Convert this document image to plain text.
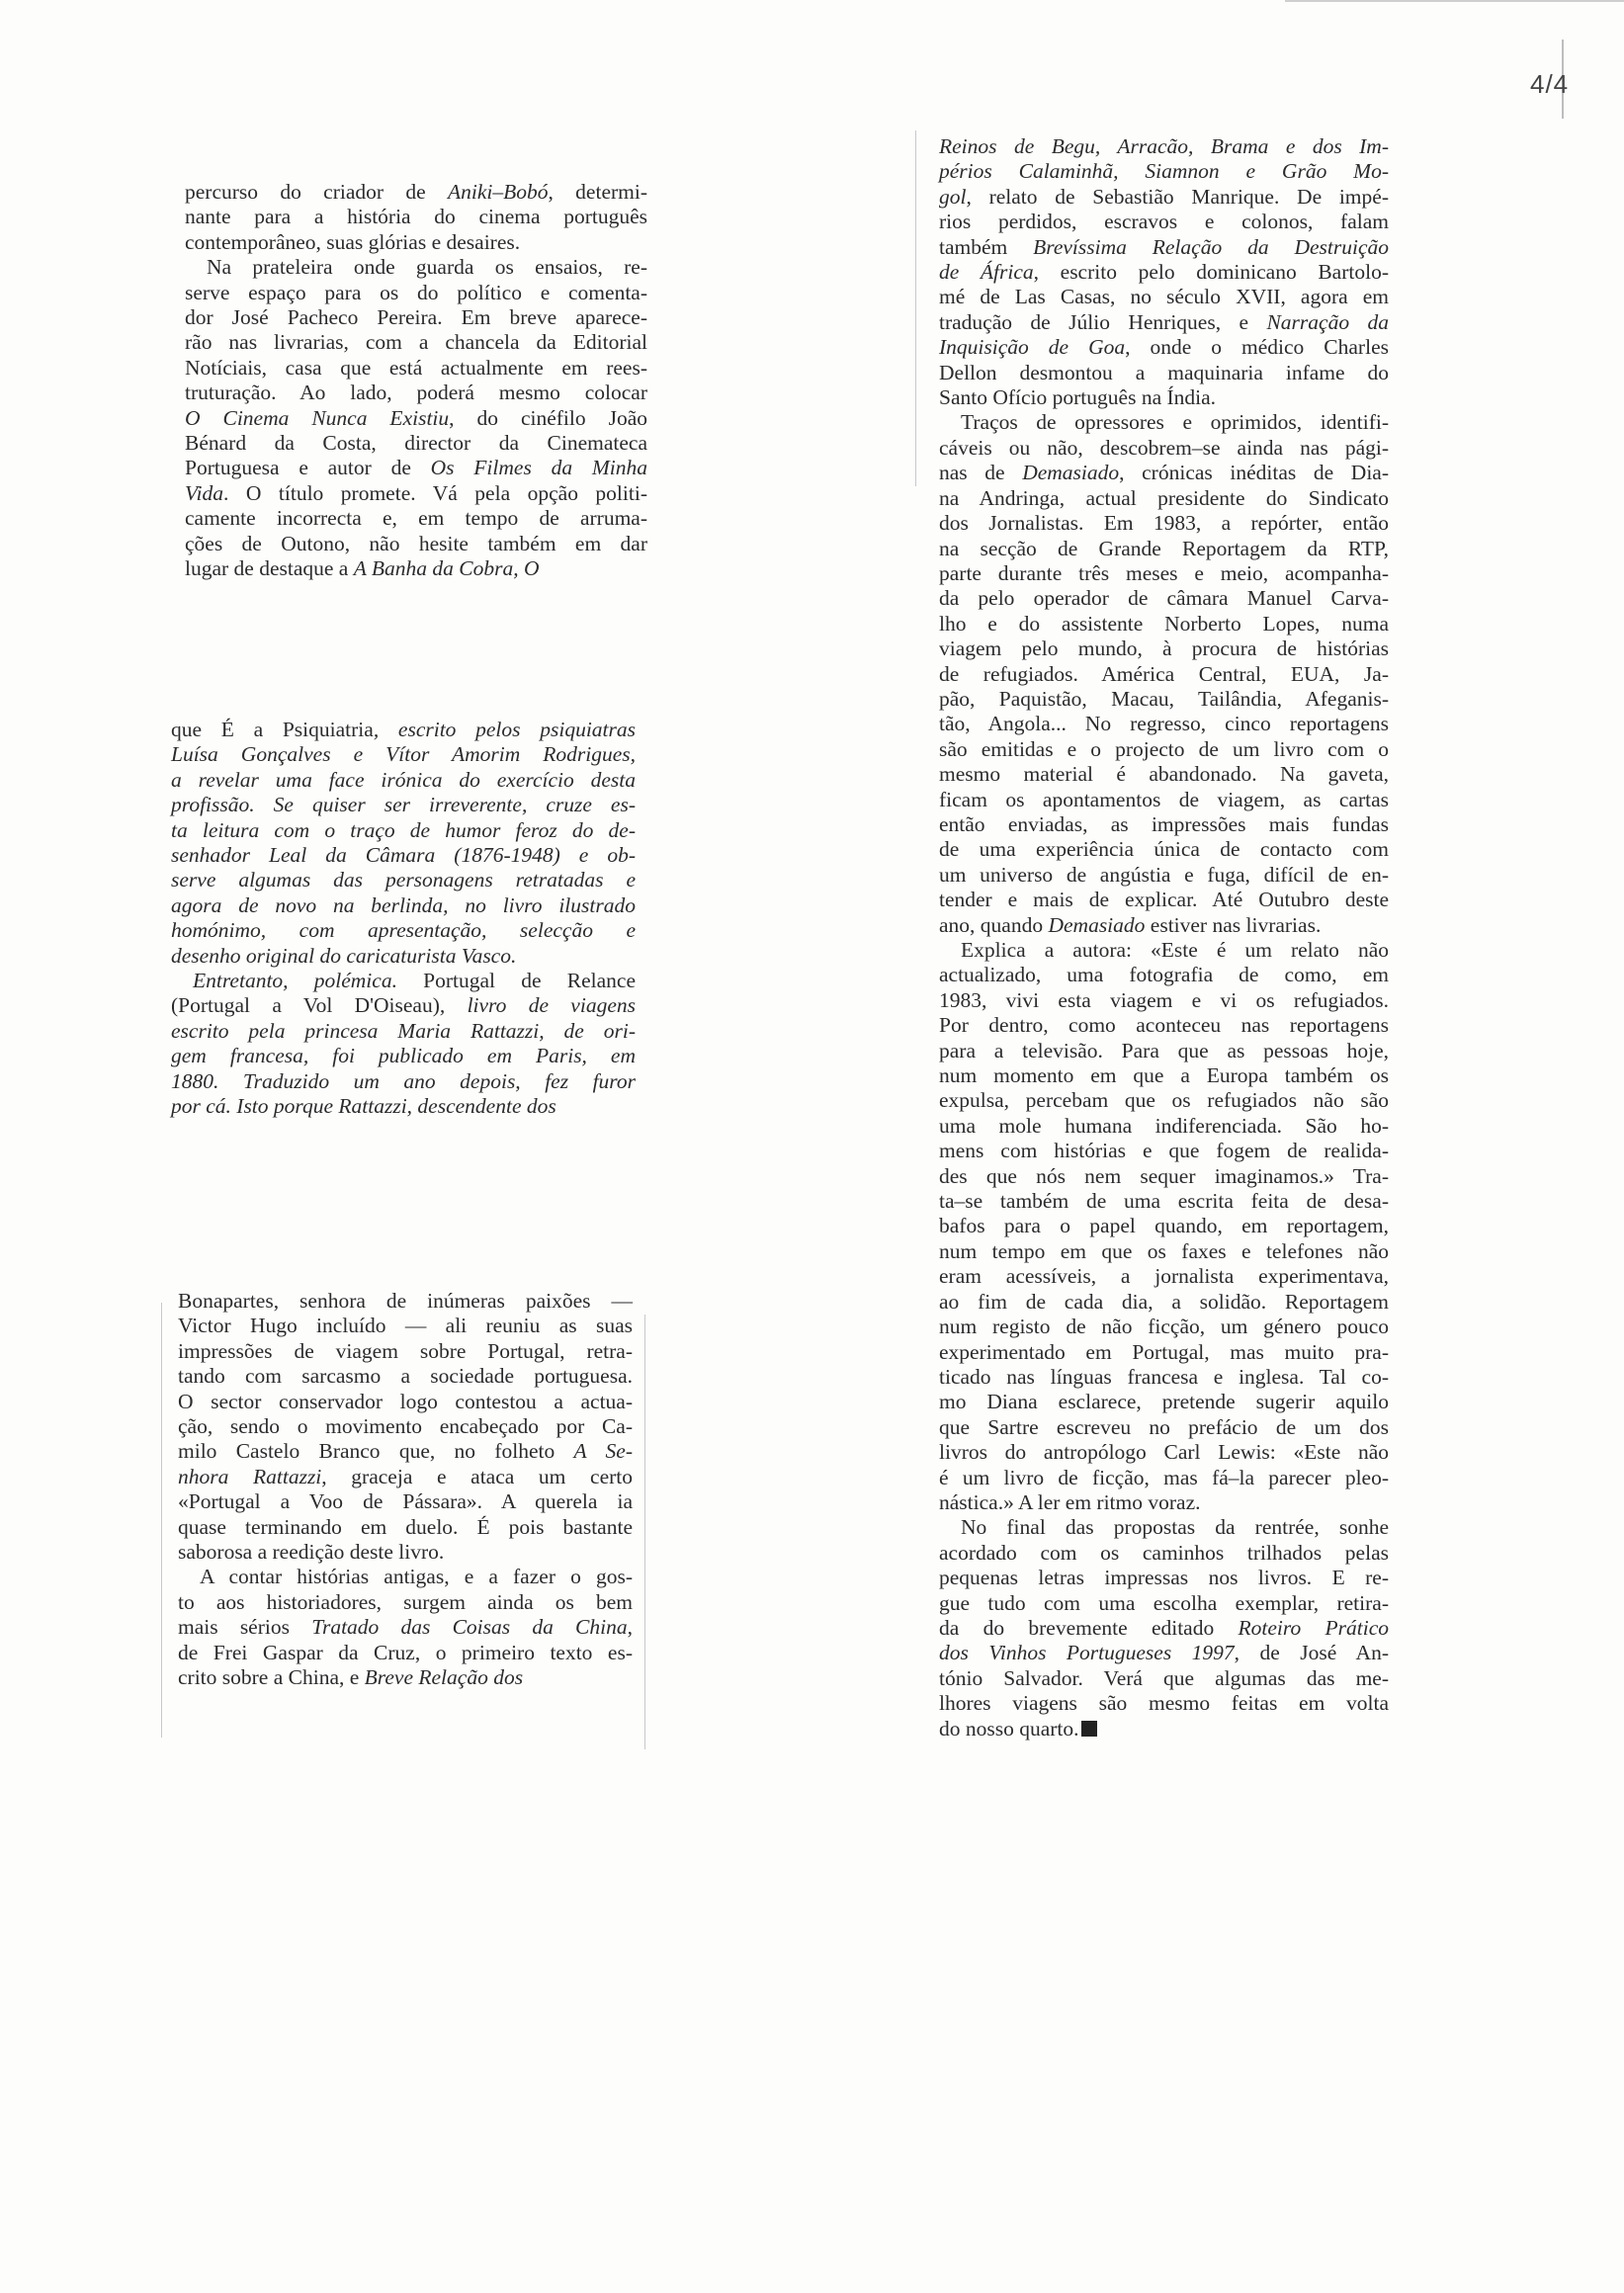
4/4
percurso do criador de Aniki–Bobó, determi-
nante para a história do cinema português
contemporâneo, suas glórias e desaires.
Na prateleira onde guarda os ensaios, re-
serve espaço para os do político e comenta-
dor José Pacheco Pereira. Em breve aparece-
rão nas livrarias, com a chancela da Editorial
Notíciais, casa que está actualmente em rees-
truturação. Ao lado, poderá mesmo colocar
O Cinema Nunca Existiu, do cinéfilo João
Bénard da Costa, director da Cinemateca
Portuguesa e autor de Os Filmes da Minha
Vida. O título promete. Vá pela opção politi-
camente incorrecta e, em tempo de arruma-
ções de Outono, não hesite também em dar
lugar de destaque a A Banha da Cobra, O
que É a Psiquiatria, escrito pelos psiquiatras
Luísa Gonçalves e Vítor Amorim Rodrigues,
a revelar uma face irónica do exercício desta
profissão. Se quiser ser irreverente, cruze es-
ta leitura com o traço de humor feroz do de-
senhador Leal da Câmara (1876-1948) e ob-
serve algumas das personagens retratadas e
agora de novo na berlinda, no livro ilustrado
homónimo, com apresentação, selecção e
desenho original do caricaturista Vasco.
Entretanto, polémica. Portugal de Relance
(Portugal a Vol D'Oiseau), livro de viagens
escrito pela princesa Maria Rattazzi, de ori-
gem francesa, foi publicado em Paris, em
1880. Traduzido um ano depois, fez furor
por cá. Isto porque Rattazzi, descendente dos
Bonapartes, senhora de inúmeras paixões —
Victor Hugo incluído — ali reuniu as suas
impressões de viagem sobre Portugal, retra-
tando com sarcasmo a sociedade portuguesa.
O sector conservador logo contestou a actua-
ção, sendo o movimento encabeçado por Ca-
milo Castelo Branco que, no folheto A Se-
nhora Rattazzi, graceja e ataca um certo
«Portugal a Voo de Pássara». A querela ia
quase terminando em duelo. É pois bastante
saborosa a reedição deste livro.
A contar histórias antigas, e a fazer o gos-
to aos historiadores, surgem ainda os bem
mais sérios Tratado das Coisas da China,
de Frei Gaspar da Cruz, o primeiro texto es-
crito sobre a China, e Breve Relação dos
Reinos de Begu, Arracão, Brama e dos Im-
périos Calaminhã, Siamnon e Grão Mo-
gol, relato de Sebastião Manrique. De impé-
rios perdidos, escravos e colonos, falam
também Brevíssima Relação da Destruição
de África, escrito pelo dominicano Bartolo-
mé de Las Casas, no século XVII, agora em
tradução de Júlio Henriques, e Narração da
Inquisição de Goa, onde o médico Charles
Dellon desmontou a maquinaria infame do
Santo Ofício português na Índia.
Traços de opressores e oprimidos, identifi-
cáveis ou não, descobrem–se ainda nas pági-
nas de Demasiado, crónicas inéditas de Dia-
na Andringa, actual presidente do Sindicato
dos Jornalistas. Em 1983, a repórter, então
na secção de Grande Reportagem da RTP,
parte durante três meses e meio, acompanha-
da pelo operador de câmara Manuel Carva-
lho e do assistente Norberto Lopes, numa
viagem pelo mundo, à procura de histórias
de refugiados. América Central, EUA, Ja-
pão, Paquistão, Macau, Tailândia, Afeganis-
tão, Angola... No regresso, cinco reportagens
são emitidas e o projecto de um livro com o
mesmo material é abandonado. Na gaveta,
ficam os apontamentos de viagem, as cartas
então enviadas, as impressões mais fundas
de uma experiência única de contacto com
um universo de angústia e fuga, difícil de en-
tender e mais de explicar. Até Outubro deste
ano, quando Demasiado estiver nas livrarias.
Explica a autora: «Este é um relato não
actualizado, uma fotografia de como, em
1983, vivi esta viagem e vi os refugiados.
Por dentro, como aconteceu nas reportagens
para a televisão. Para que as pessoas hoje,
num momento em que a Europa também os
expulsa, percebam que os refugiados não são
uma mole humana indiferenciada. São ho-
mens com histórias e que fogem de realida-
des que nós nem sequer imaginamos.» Tra-
ta–se também de uma escrita feita de desa-
bafos para o papel quando, em reportagem,
num tempo em que os faxes e telefones não
eram acessíveis, a jornalista experimentava,
ao fim de cada dia, a solidão. Reportagem
num registo de não ficção, um género pouco
experimentado em Portugal, mas muito pra-
ticado nas línguas francesa e inglesa. Tal co-
mo Diana esclarece, pretende sugerir aquilo
que Sartre escreveu no prefácio de um dos
livros do antropólogo Carl Lewis: «Este não
é um livro de ficção, mas fá–la parecer pleo-
nástica.» A ler em ritmo voraz.
No final das propostas da rentrée, sonhe
acordado com os caminhos trilhados pelas
pequenas letras impressas nos livros. E re-
gue tudo com uma escolha exemplar, retira-
da do brevemente editado Roteiro Prático
dos Vinhos Portugueses 1997, de José An-
tónio Salvador. Verá que algumas das me-
lhores viagens são mesmo feitas em volta
do nosso quarto.
